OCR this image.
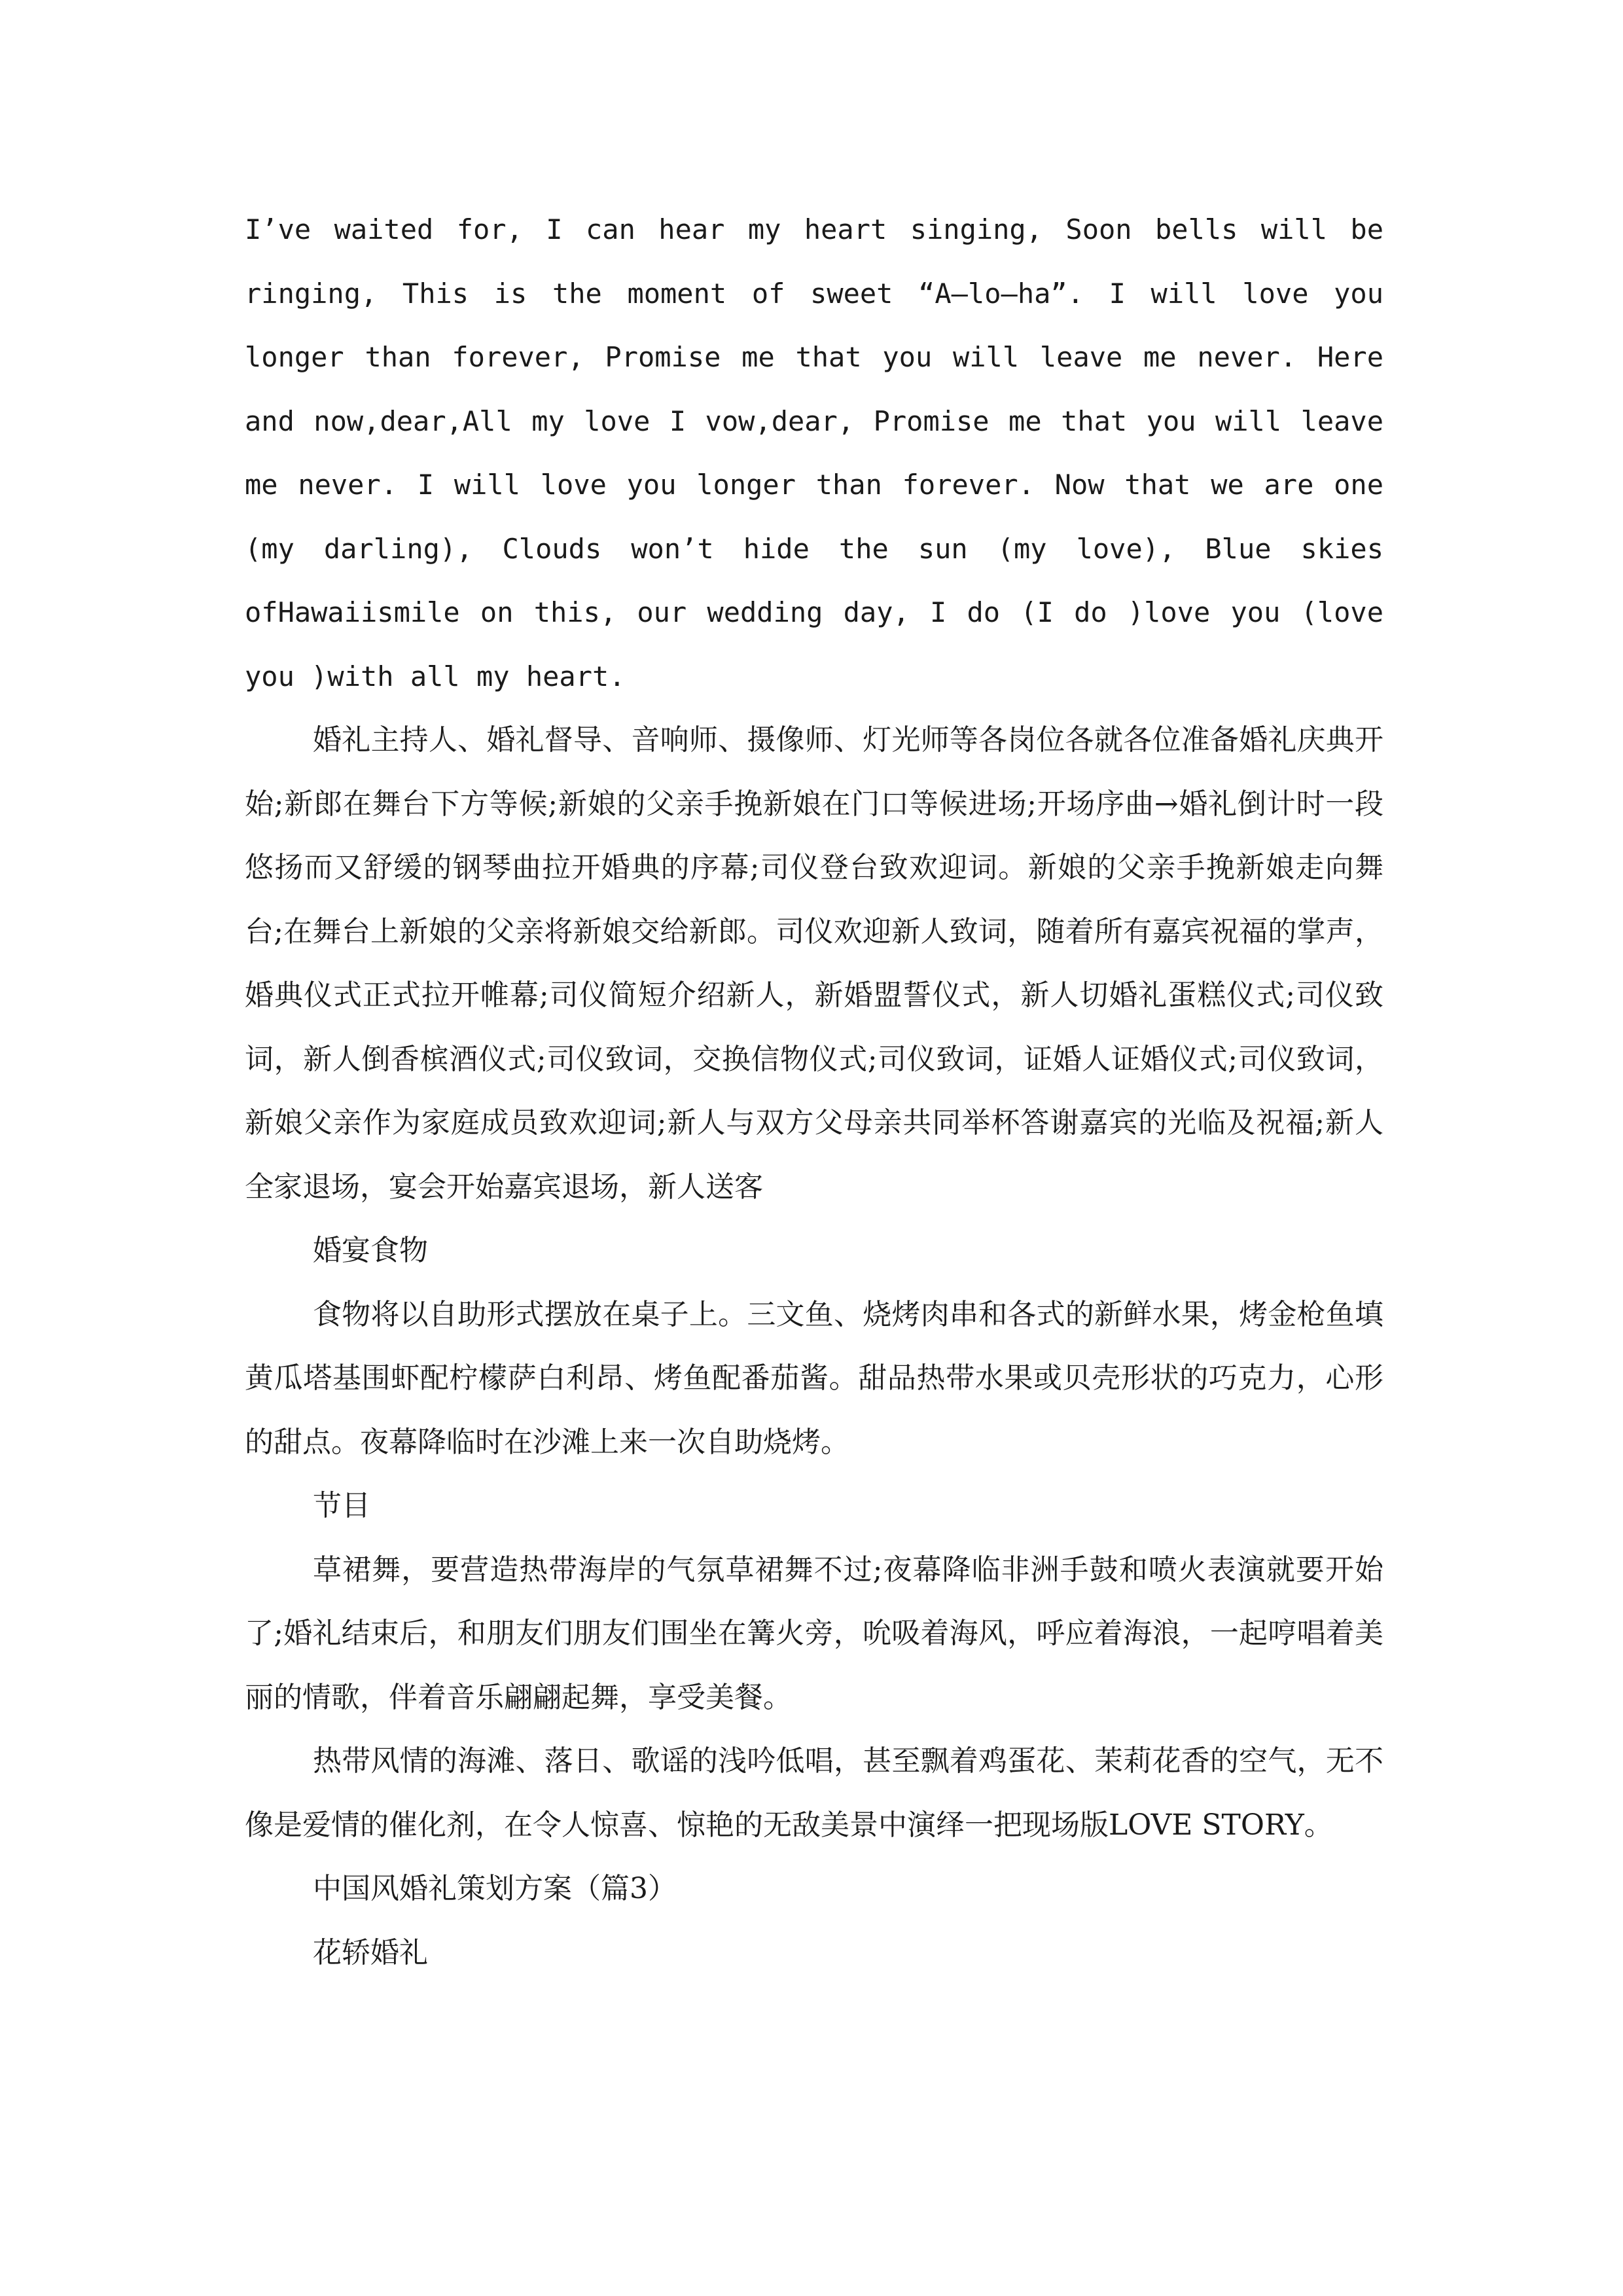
I’ve waited for, I can hear my heart singing, Soon bells will be ringing, This is the moment of sweet “A—lo—ha”. I will love you longer than forever, Promise me that you will leave me never. Here and now,dear,All my love I vow,dear, Promise me that you will leave me never. I will love you longer than forever. Now that we are one (my darling), Clouds won’t hide the sun (my love), Blue skies ofHawaiismile on this, our wedding day, I do (I do )love you (love you )with all my heart.

婚礼主持人、婚礼督导、音响师、摄像师、灯光师等各岗位各就各位准备婚礼庆典开始;新郎在舞台下方等候;新娘的父亲手挽新娘在门口等候进场;开场序曲→婚礼倒计时一段悠扬而又舒缓的钢琴曲拉开婚典的序幕;司仪登台致欢迎词。新娘的父亲手挽新娘走向舞台;在舞台上新娘的父亲将新娘交给新郎。司仪欢迎新人致词，随着所有嘉宾祝福的掌声，婚典仪式正式拉开帷幕;司仪简短介绍新人，新婚盟誓仪式，新人切婚礼蛋糕仪式;司仪致词，新人倒香槟酒仪式;司仪致词，交换信物仪式;司仪致词，证婚人证婚仪式;司仪致词，新娘父亲作为家庭成员致欢迎词;新人与双方父母亲共同举杯答谢嘉宾的光临及祝福;新人全家退场，宴会开始嘉宾退场，新人送客

婚宴食物

食物将以自助形式摆放在桌子上。三文鱼、烧烤肉串和各式的新鲜水果，烤金枪鱼填黄瓜塔基围虾配柠檬萨白利昂、烤鱼配番茄酱。甜品热带水果或贝壳形状的巧克力，心形的甜点。夜幕降临时在沙滩上来一次自助烧烤。

节目

草裙舞，要营造热带海岸的气氛草裙舞不过;夜幕降临非洲手鼓和喷火表演就要开始了;婚礼结束后，和朋友们朋友们围坐在篝火旁，吮吸着海风，呼应着海浪，一起哼唱着美丽的情歌，伴着音乐翩翩起舞，享受美餐。

热带风情的海滩、落日、歌谣的浅吟低唱，甚至飘着鸡蛋花、茉莉花香的空气，无不像是爱情的催化剂，在令人惊喜、惊艳的无敌美景中演绎一把现场版LOVE STORY。

中国风婚礼策划方案（篇3）

花轿婚礼
